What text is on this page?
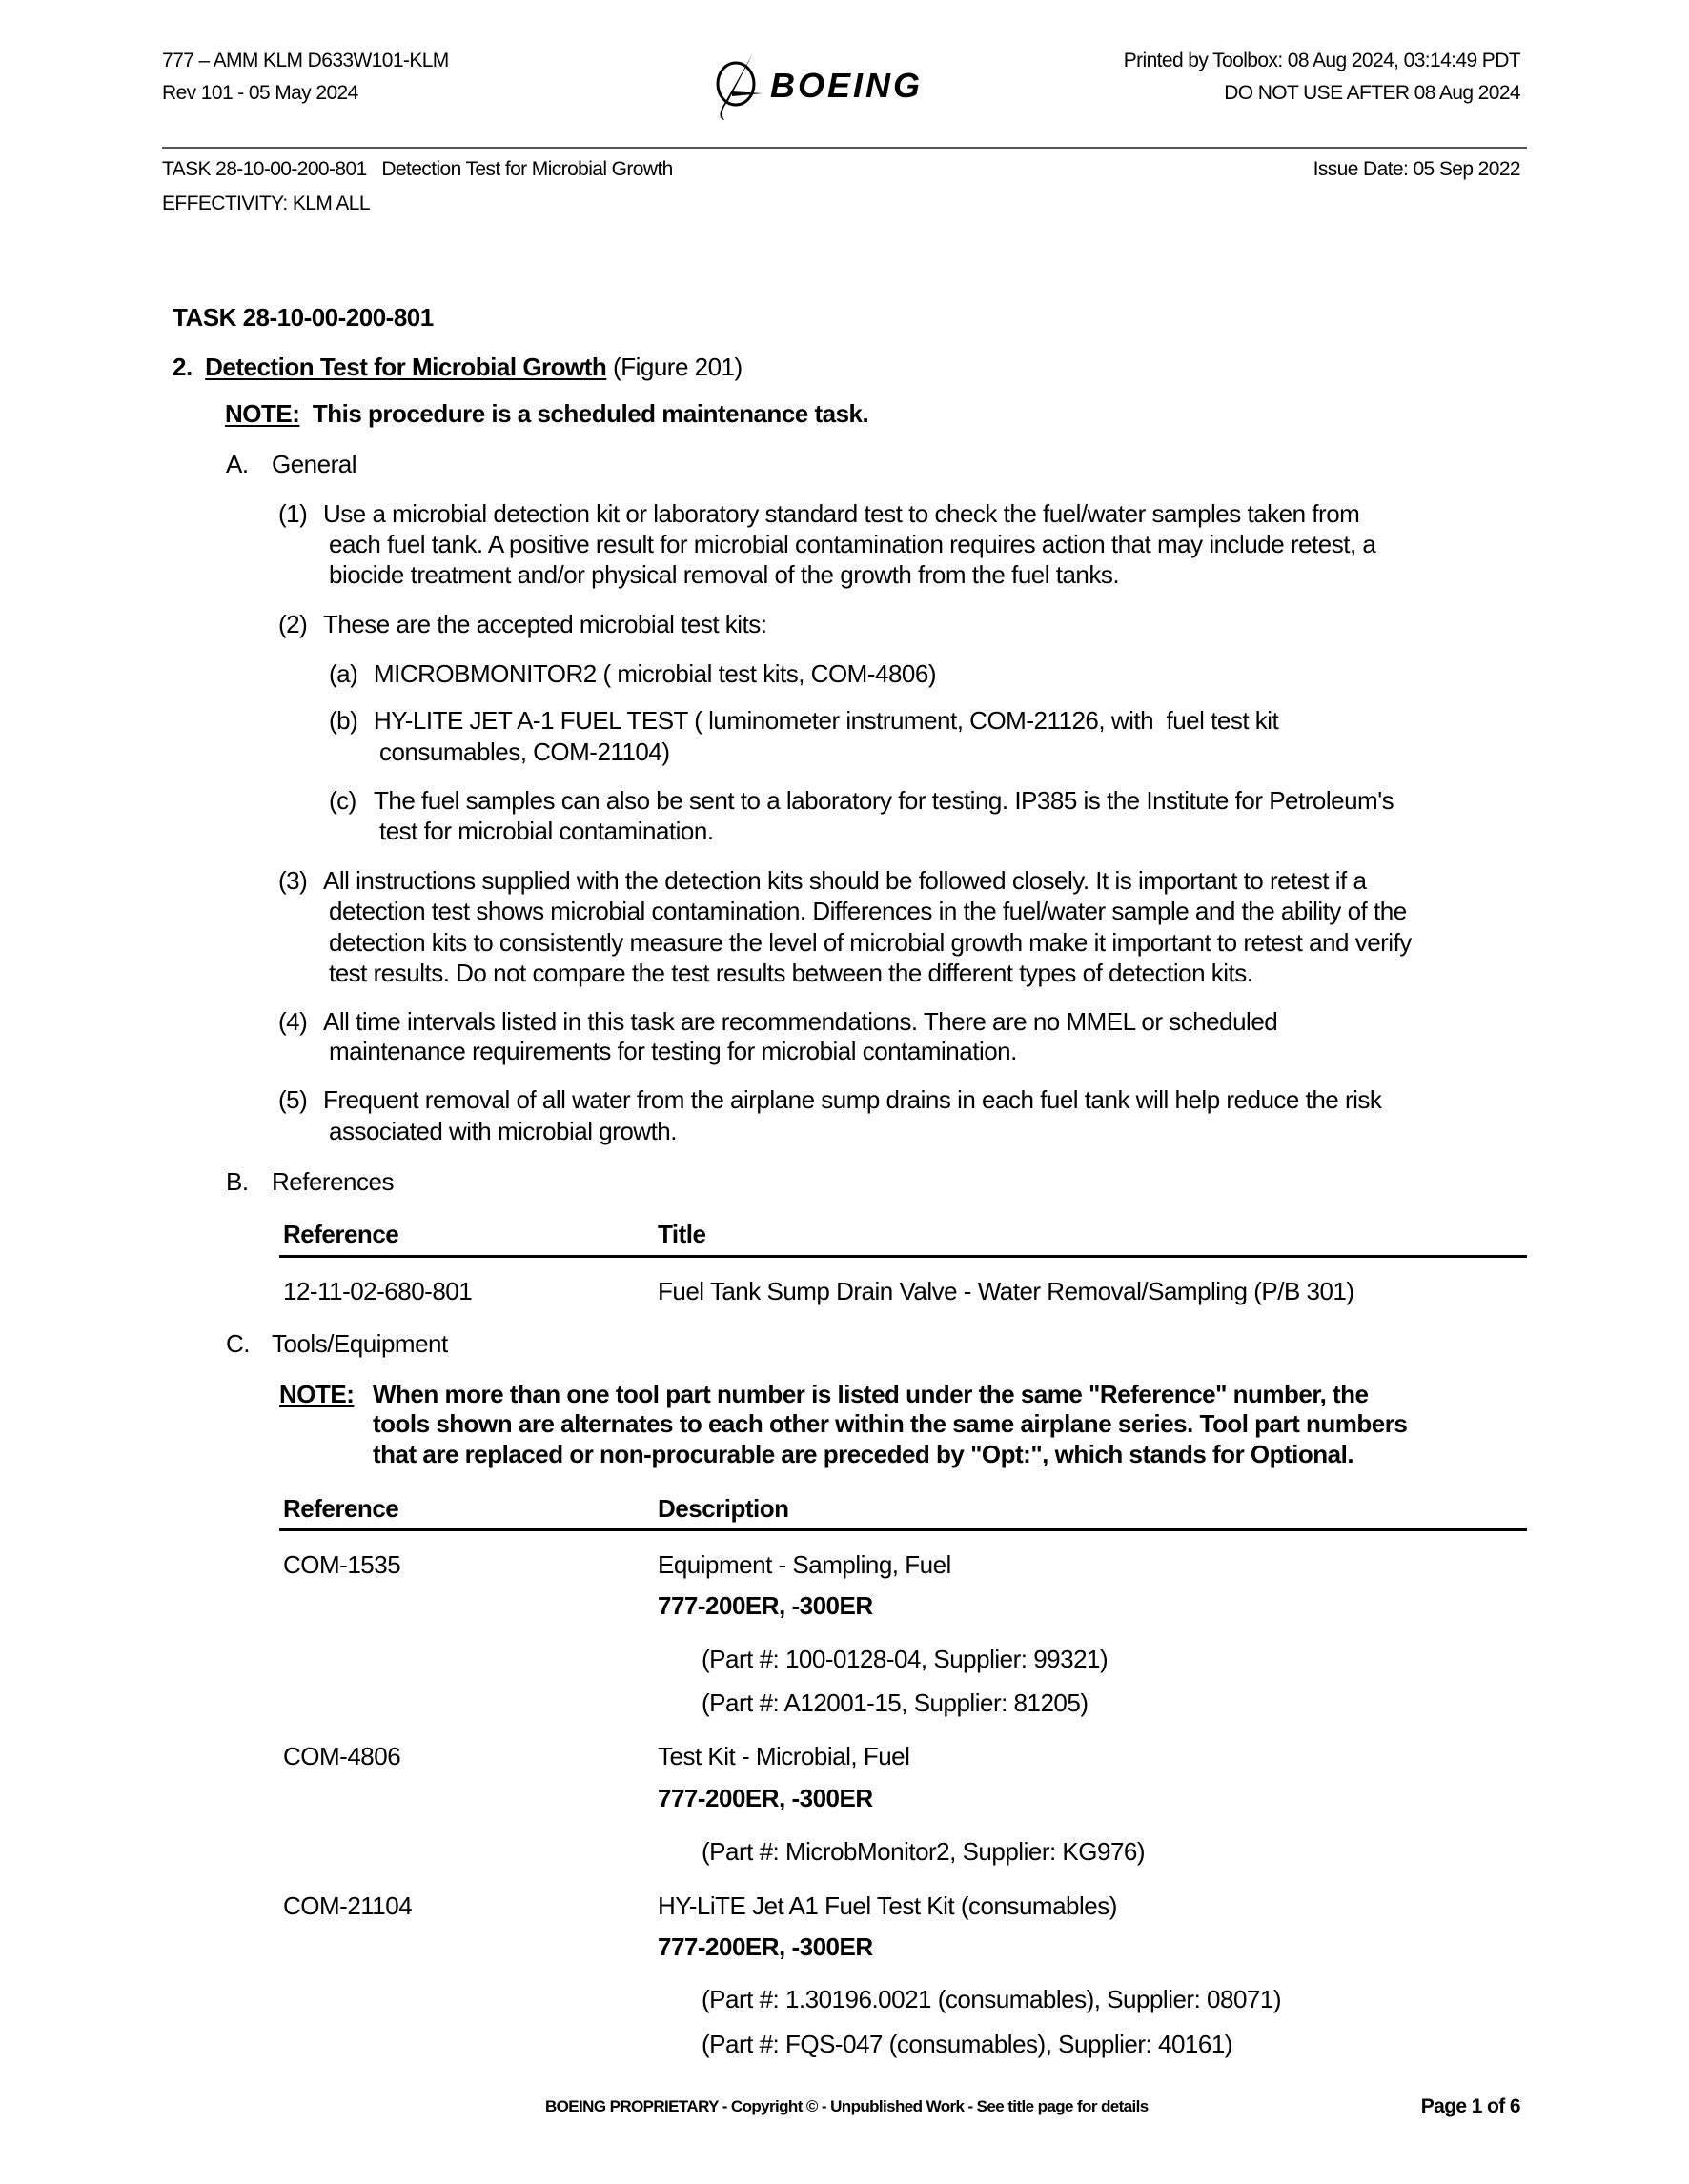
777 – AMM KLM D633W101-KLM
Rev 101 - 05 May 2024	BOEING
Printed by Toolbox: 08 Aug 2024, 03:14:49 PDT
DO NOT USE AFTER 08 Aug 2024
TASK 28-10-00-200-801   Detection Test for Microbial Growth	Issue Date: 05 Sep 2022
EFFECTIVITY: KLM ALL
TASK 28-10-00-200-801
2. Detection Test for Microbial Growth (Figure 201)
NOTE: This procedure is a scheduled maintenance task.
A. General
(1) Use a microbial detection kit or laboratory standard test to check the fuel/water samples taken from
each fuel tank. A positive result for microbial contamination requires action that may include retest, a
biocide treatment and/or physical removal of the growth from the fuel tanks.
(2) These are the accepted microbial test kits:
(a) MICROBMONITOR2 ( microbial test kits, COM-4806)
(b) HY-LITE JET A-1 FUEL TEST ( luminometer instrument, COM-21126, with  fuel test kit
consumables, COM-21104)
(c) The fuel samples can also be sent to a laboratory for testing. IP385 is the Institute for Petroleum's
test for microbial contamination.
(3) All instructions supplied with the detection kits should be followed closely. It is important to retest if a
detection test shows microbial contamination. Differences in the fuel/water sample and the ability of the
detection kits to consistently measure the level of microbial growth make it important to retest and verify
test results. Do not compare the test results between the different types of detection kits.
(4) All time intervals listed in this task are recommendations. There are no MMEL or scheduled
maintenance requirements for testing for microbial contamination.
(5) Frequent removal of all water from the airplane sump drains in each fuel tank will help reduce the risk
associated with microbial growth.
B. References
Reference	Title
12-11-02-680-801	Fuel Tank Sump Drain Valve - Water Removal/Sampling (P/B 301)
C. Tools/Equipment
NOTE: When more than one tool part number is listed under the same "Reference" number, the
tools shown are alternates to each other within the same airplane series. Tool part numbers
that are replaced or non-procurable are preceded by "Opt:", which stands for Optional.
Reference	Description
COM-1535	Equipment - Sampling, Fuel
777-200ER, -300ER
(Part #: 100-0128-04, Supplier: 99321)
(Part #: A12001-15, Supplier: 81205)
COM-4806	Test Kit - Microbial, Fuel
777-200ER, -300ER
(Part #: MicrobMonitor2, Supplier: KG976)
COM-21104	HY-LiTE Jet A1 Fuel Test Kit (consumables)
777-200ER, -300ER
(Part #: 1.30196.0021 (consumables), Supplier: 08071)
(Part #: FQS-047 (consumables), Supplier: 40161)
BOEING PROPRIETARY - Copyright © - Unpublished Work - See title page for details	Page 1 of 6
